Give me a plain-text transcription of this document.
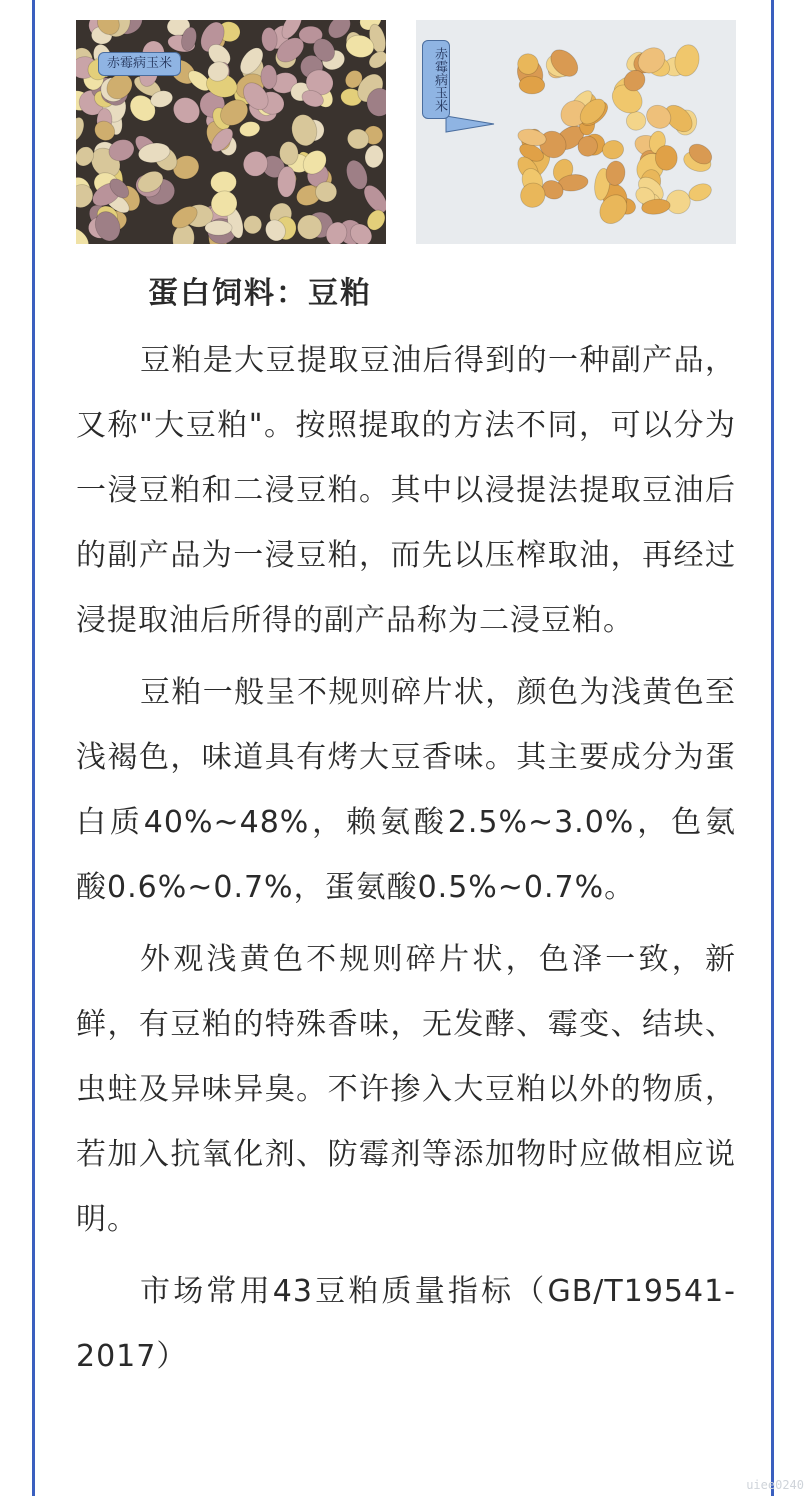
赤霉病玉米	赤霉病玉米
蛋白饲料：豆粕

豆粕是大豆提取豆油后得到的一种副产品，又称"大豆粕"。按照提取的方法不同，可以分为一浸豆粕和二浸豆粕。其中以浸提法提取豆油后的副产品为一浸豆粕，而先以压榨取油，再经过浸提取油后所得的副产品称为二浸豆粕。

豆粕一般呈不规则碎片状，颜色为浅黄色至浅褐色，味道具有烤大豆香味。其主要成分为蛋白质40%~48%，赖氨酸2.5%~3.0%，色氨酸0.6%~0.7%，蛋氨酸0.5%~0.7%。

外观浅黄色不规则碎片状，色泽一致，新鲜，有豆粕的特殊香味，无发酵、霉变、结块、虫蛀及异味异臭。不许掺入大豆粕以外的物质，若加入抗氧化剂、防霉剂等添加物时应做相应说明。

市场常用43豆粕质量指标（GB/T19541-2017）

uiee0240
